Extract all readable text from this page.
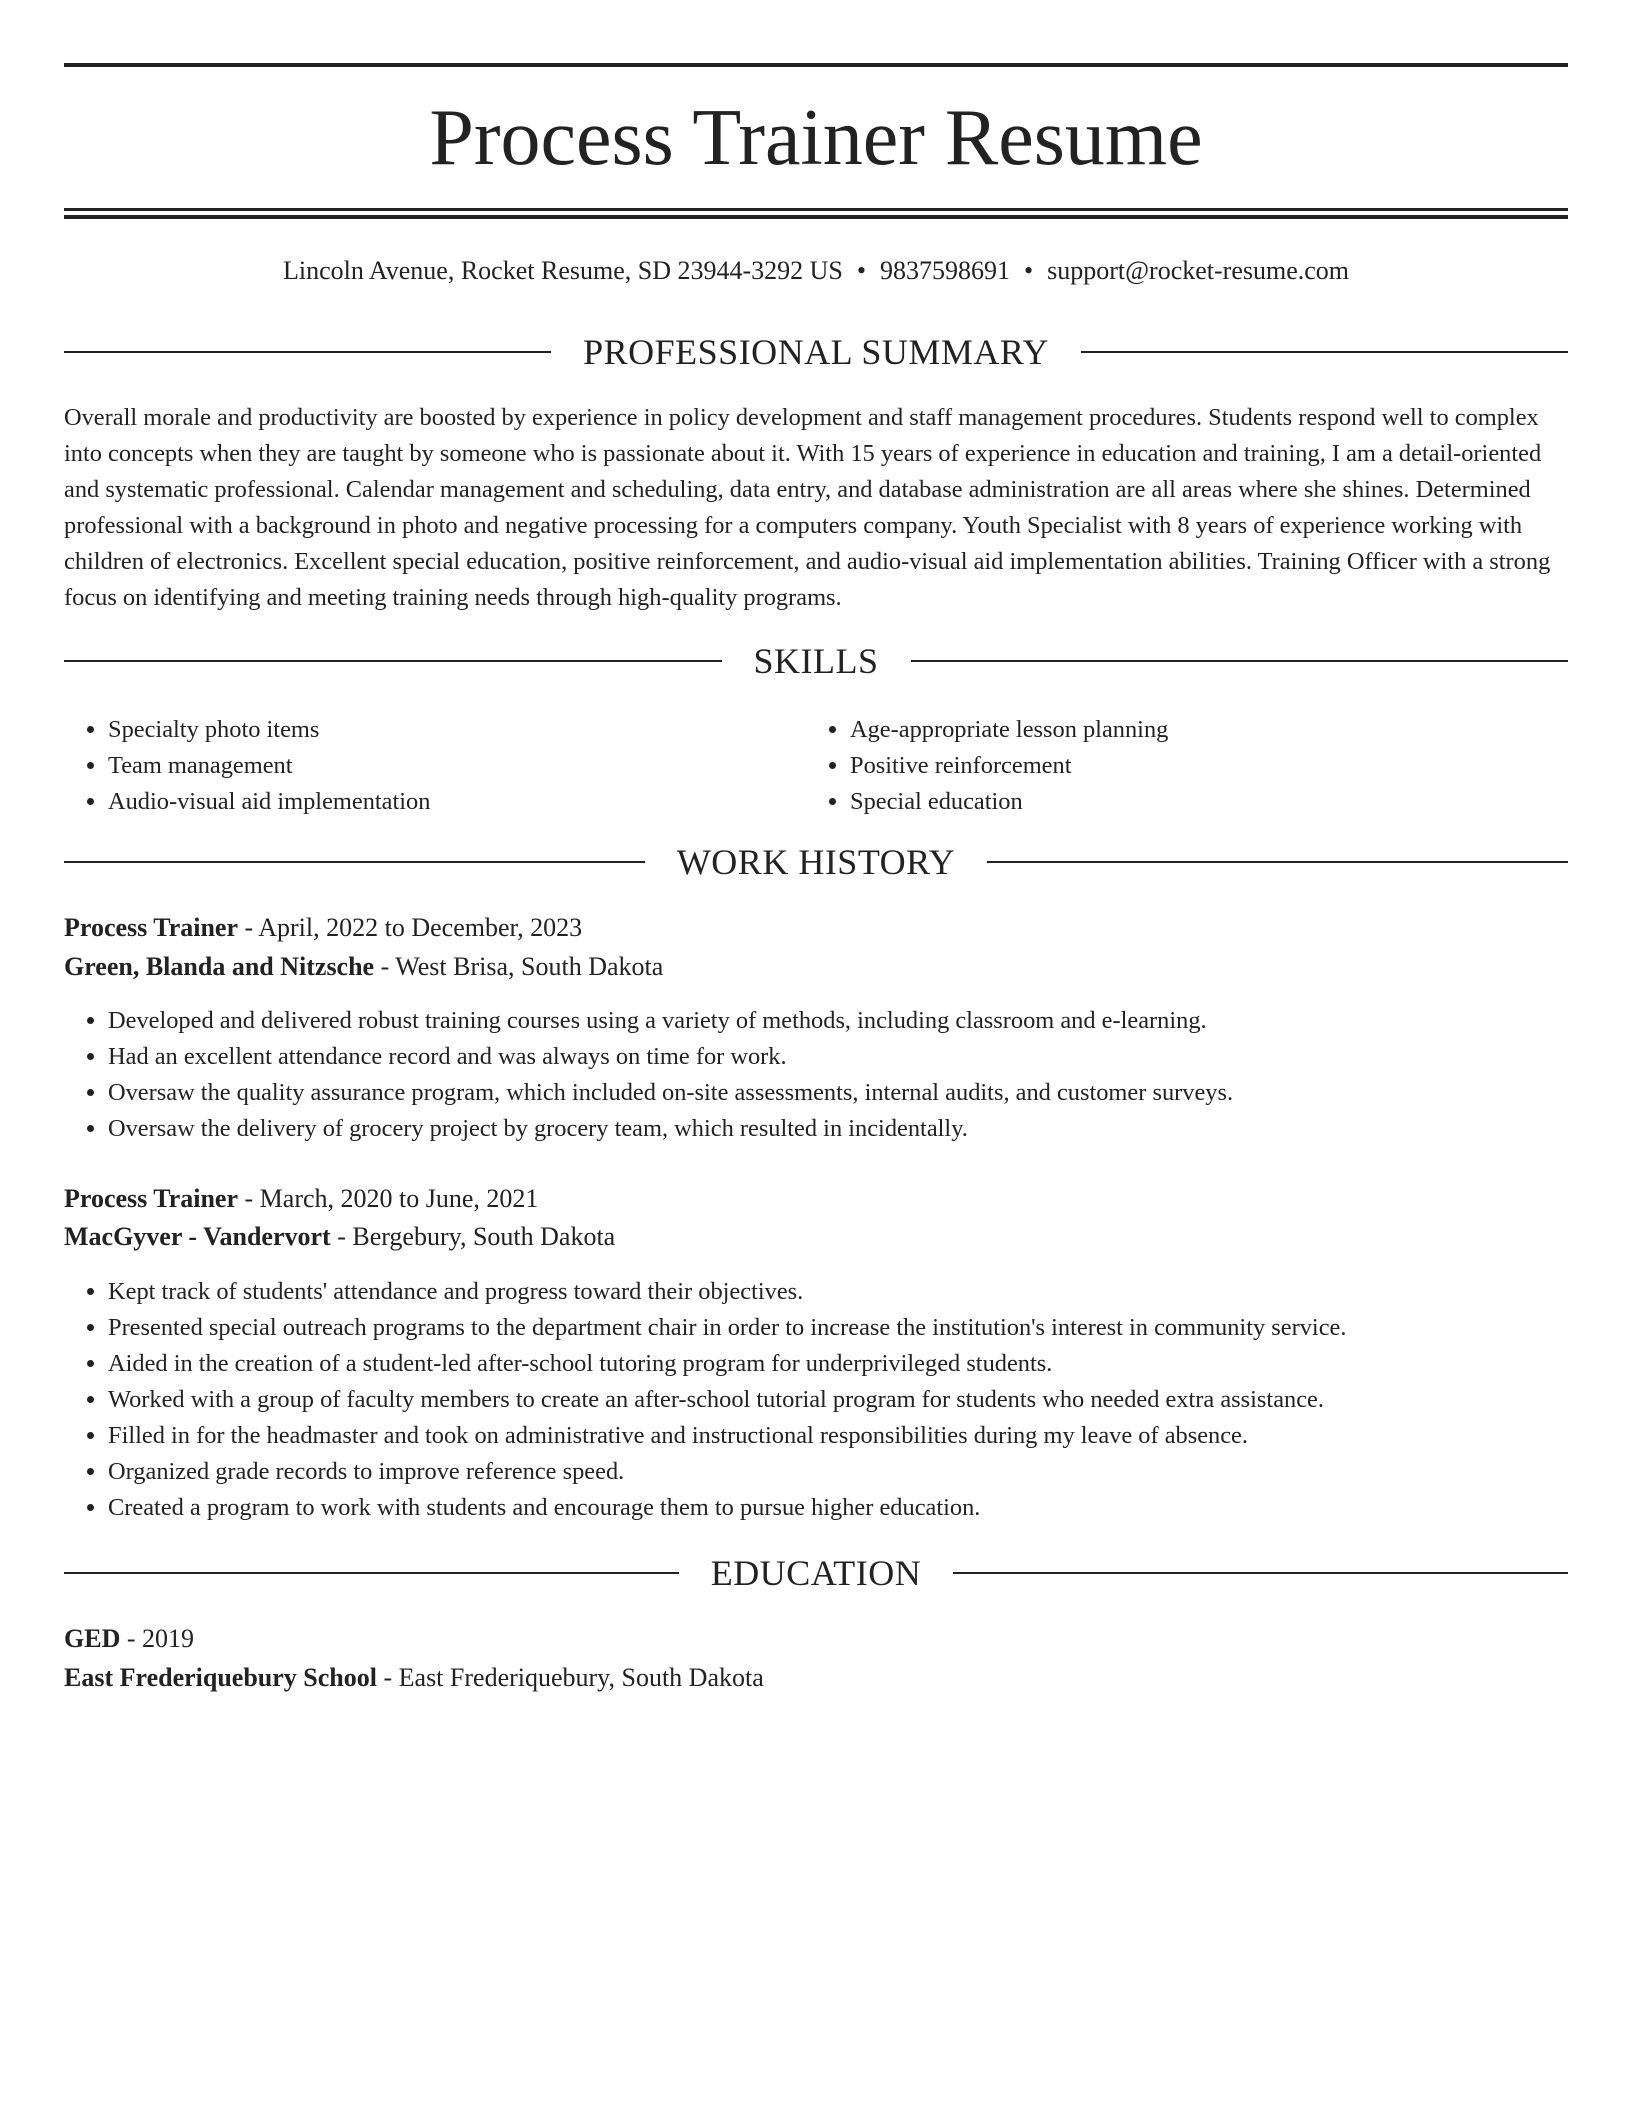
Process Trainer Resume
Lincoln Avenue, Rocket Resume, SD 23944-3292 US • 9837598691 • support@rocket-resume.com
PROFESSIONAL SUMMARY

Overall morale and productivity are boosted by experience in policy development and staff management procedures. Students respond well to complex into concepts when they are taught by someone who is passionate about it. With 15 years of experience in education and training, I am a detail-oriented and systematic professional. Calendar management and scheduling, data entry, and database administration are all areas where she shines. Determined professional with a background in photo and negative processing for a computers company. Youth Specialist with 8 years of experience working with children of electronics. Excellent special education, positive reinforcement, and audio-visual aid implementation abilities. Training Officer with a strong focus on identifying and meeting training needs through high-quality programs.

SKILLS
• Specialty photo items
• Team management
• Audio-visual aid implementation
• Age-appropriate lesson planning
• Positive reinforcement
• Special education
WORK HISTORY
Process Trainer - April, 2022 to December, 2023
Green, Blanda and Nitzsche - West Brisa, South Dakota
• Developed and delivered robust training courses using a variety of methods, including classroom and e-learning.
• Had an excellent attendance record and was always on time for work.
• Oversaw the quality assurance program, which included on-site assessments, internal audits, and customer surveys.
• Oversaw the delivery of grocery project by grocery team, which resulted in incidentally.
Process Trainer - March, 2020 to June, 2021
MacGyver - Vandervort - Bergebury, South Dakota
• Kept track of students' attendance and progress toward their objectives.
• Presented special outreach programs to the department chair in order to increase the institution's interest in community service.
• Aided in the creation of a student-led after-school tutoring program for underprivileged students.
• Worked with a group of faculty members to create an after-school tutorial program for students who needed extra assistance.
• Filled in for the headmaster and took on administrative and instructional responsibilities during my leave of absence.
• Organized grade records to improve reference speed.
• Created a program to work with students and encourage them to pursue higher education.
EDUCATION
GED - 2019
East Frederiquebury School - East Frederiquebury, South Dakota
